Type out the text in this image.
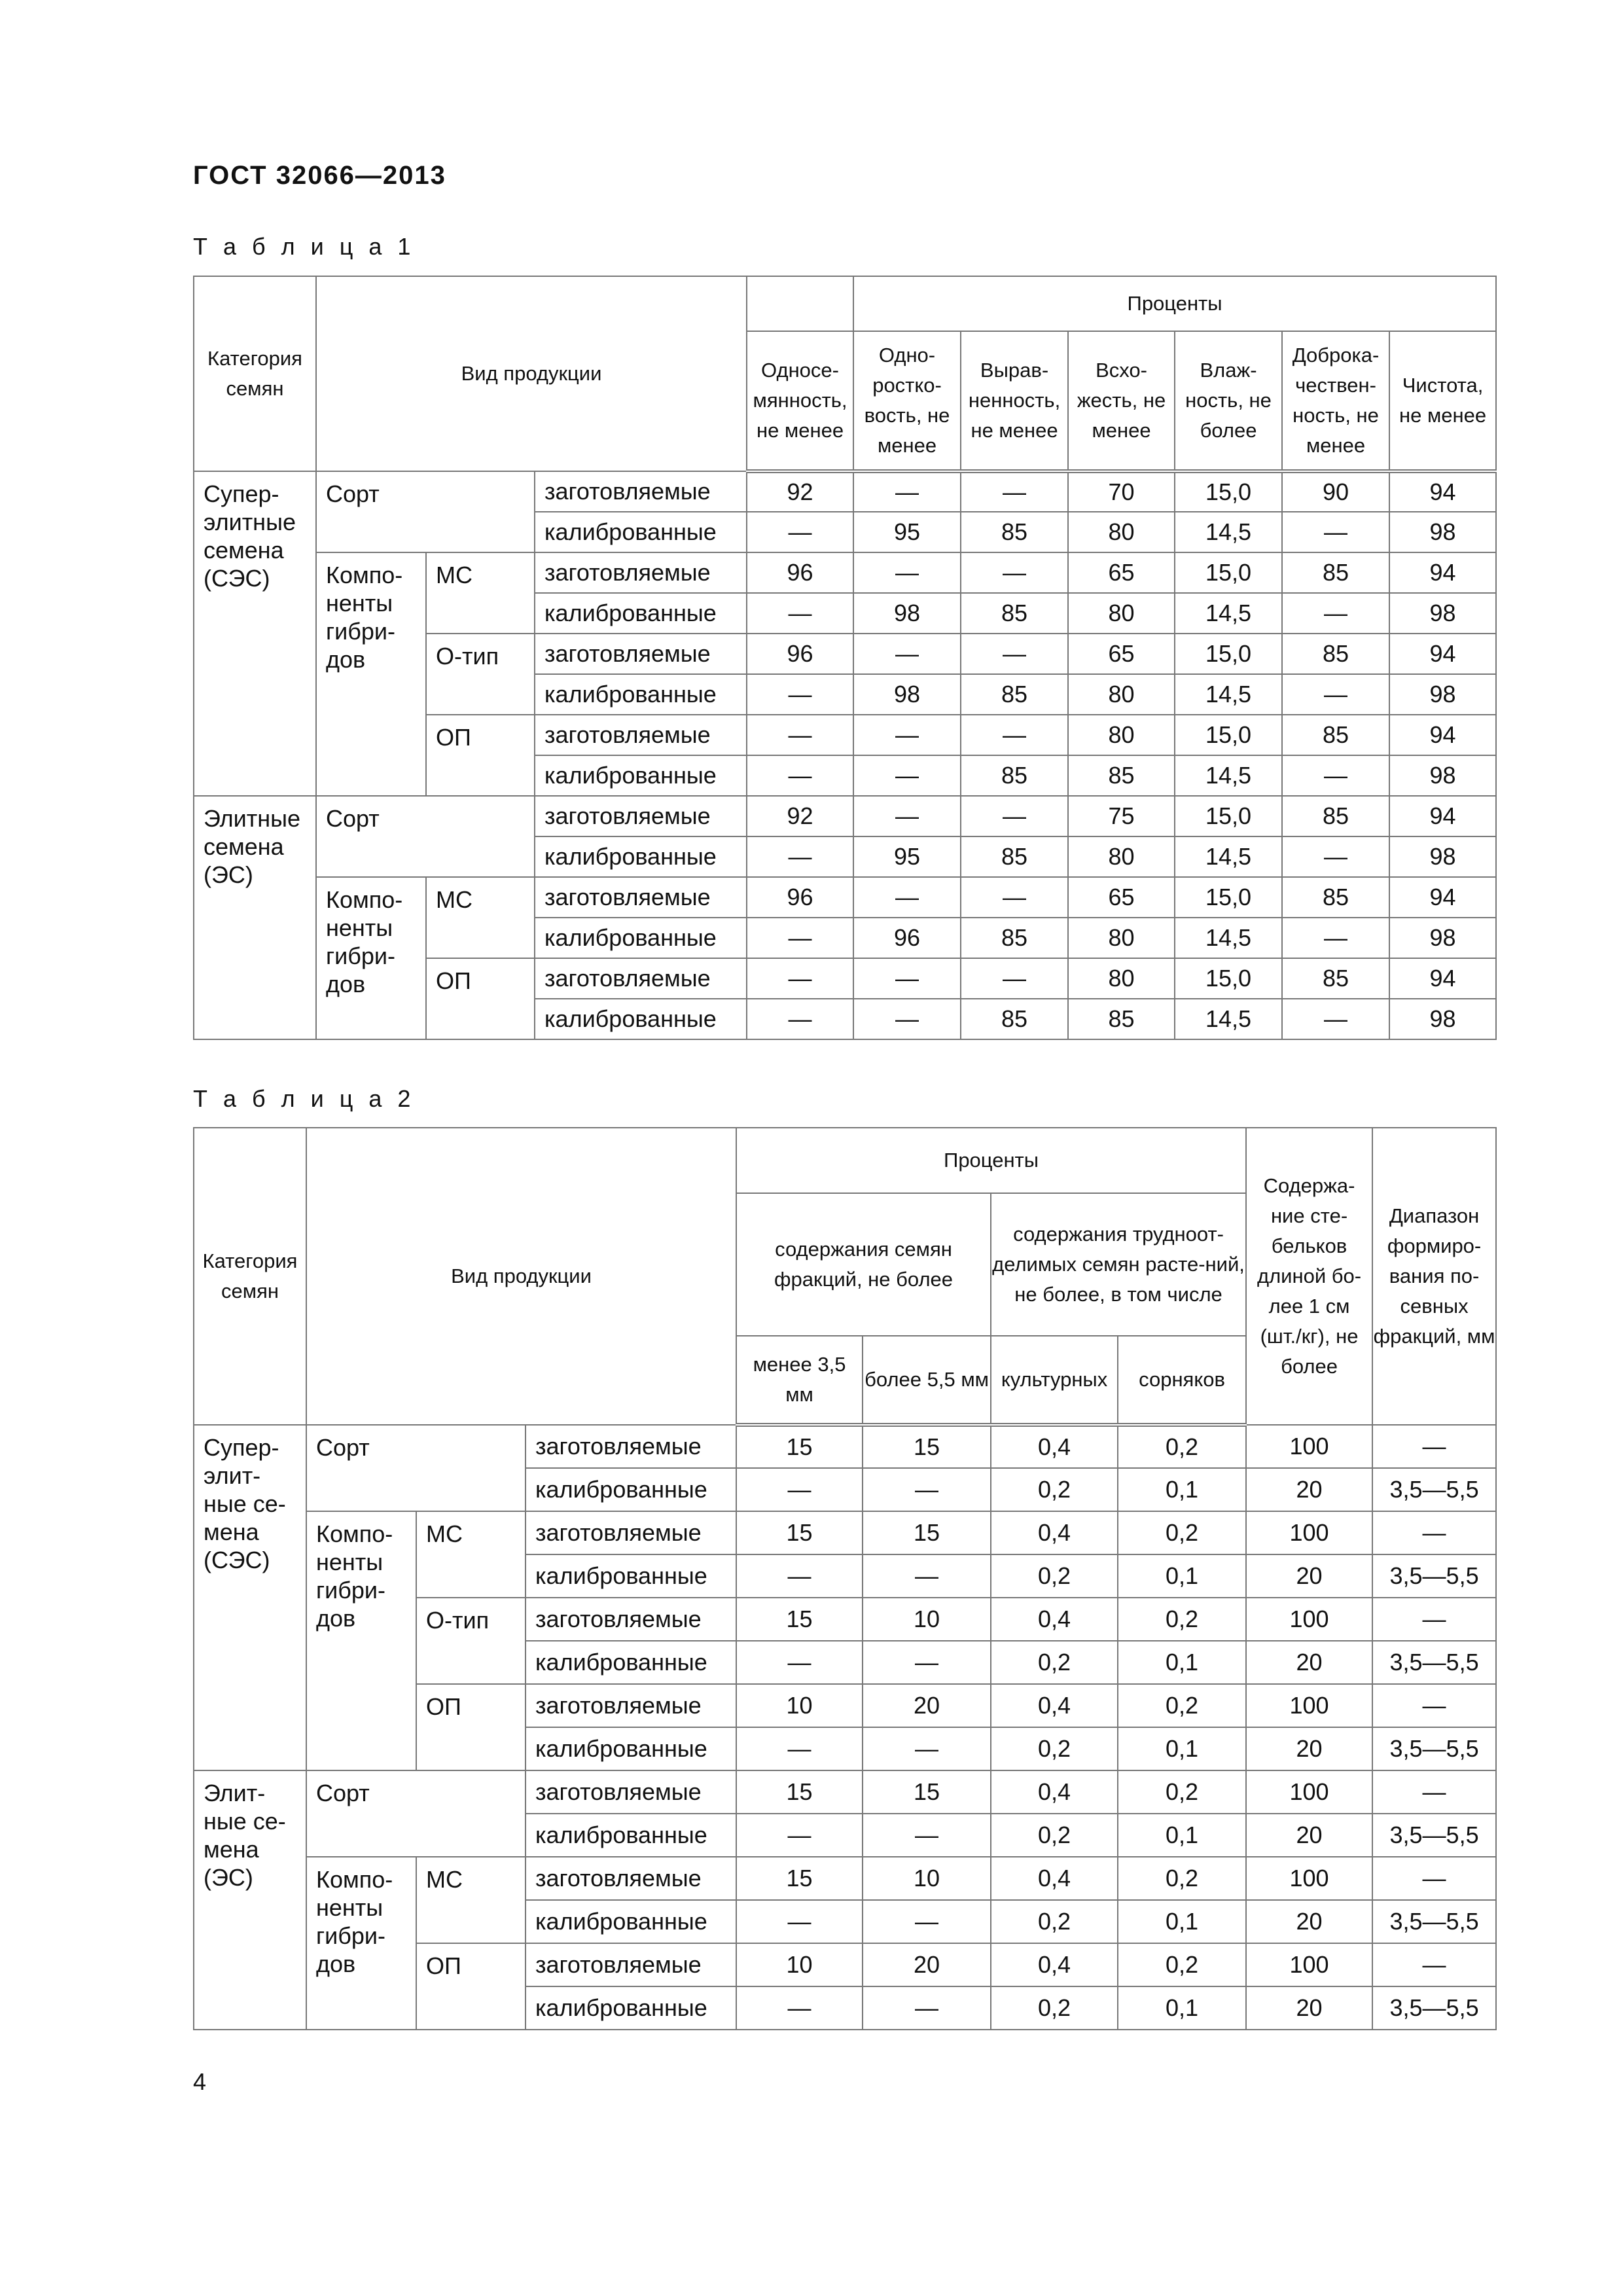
ГОСТ 32066—2013
Т а б л и ц а 1
Категория семян	Вид продукции				Проценты					
				Односе-мянность, не менее	Одно-ростко-вость, не менее	Вырав-ненность, не менее	Всхо-жесть, не менее	Влаж-ность, не более	Доброка-чествен-ность, не менее	Чистота, не менее
Супер-элитные семена (СЭС)	Сорт		заготовляемые	92	—	—	70	15,0	90	94
			калиброванные	—	95	85	80	14,5	—	98
	Компо-ненты гибри-дов	МС	заготовляемые	96	—	—	65	15,0	85	94
			калиброванные	—	98	85	80	14,5	—	98
		О-тип	заготовляемые	96	—	—	65	15,0	85	94
			калиброванные	—	98	85	80	14,5	—	98
		ОП	заготовляемые	—	—	—	80	15,0	85	94
			калиброванные	—	—	85	85	14,5	—	98
Элитные семена (ЭС)	Сорт		заготовляемые	92	—	—	75	15,0	85	94
			калиброванные	—	95	85	80	14,5	—	98
	Компо-ненты гибри-дов	МС	заготовляемые	96	—	—	65	15,0	85	94
			калиброванные	—	96	85	80	14,5	—	98
		ОП	заготовляемые	—	—	—	80	15,0	85	94
			калиброванные	—	—	85	85	14,5	—	98
Т а б л и ц а 2
Категория семян	Вид продукции			Проценты				Содержа-ние сте-бельков длиной бо-лее 1 см (шт./кг), не более	Диапазон формиро-вания по-севных фракций, мм
				содержания семян фракций, не более		содержания трудноот-делимых семян расте-ний, не более, в том числе			
				менее 3,5 мм	более 5,5 мм	культурных	сорняков		
Супер-элит-ные се-мена (СЭС)	Сорт		заготовляемые	15	15	0,4	0,2	100	—
			калиброванные	—	—	0,2	0,1	20	3,5—5,5
	Компо-ненты гибри-дов	МС	заготовляемые	15	15	0,4	0,2	100	—
			калиброванные	—	—	0,2	0,1	20	3,5—5,5
		О-тип	заготовляемые	15	10	0,4	0,2	100	—
			калиброванные	—	—	0,2	0,1	20	3,5—5,5
		ОП	заготовляемые	10	20	0,4	0,2	100	—
			калиброванные	—	—	0,2	0,1	20	3,5—5,5
Элит-ные се-мена (ЭС)	Сорт		заготовляемые	15	15	0,4	0,2	100	—
			калиброванные	—	—	0,2	0,1	20	3,5—5,5
	Компо-ненты гибри-дов	МС	заготовляемые	15	10	0,4	0,2	100	—
			калиброванные	—	—	0,2	0,1	20	3,5—5,5
		ОП	заготовляемые	10	20	0,4	0,2	100	—
			калиброванные	—	—	0,2	0,1	20	3,5—5,5
4
